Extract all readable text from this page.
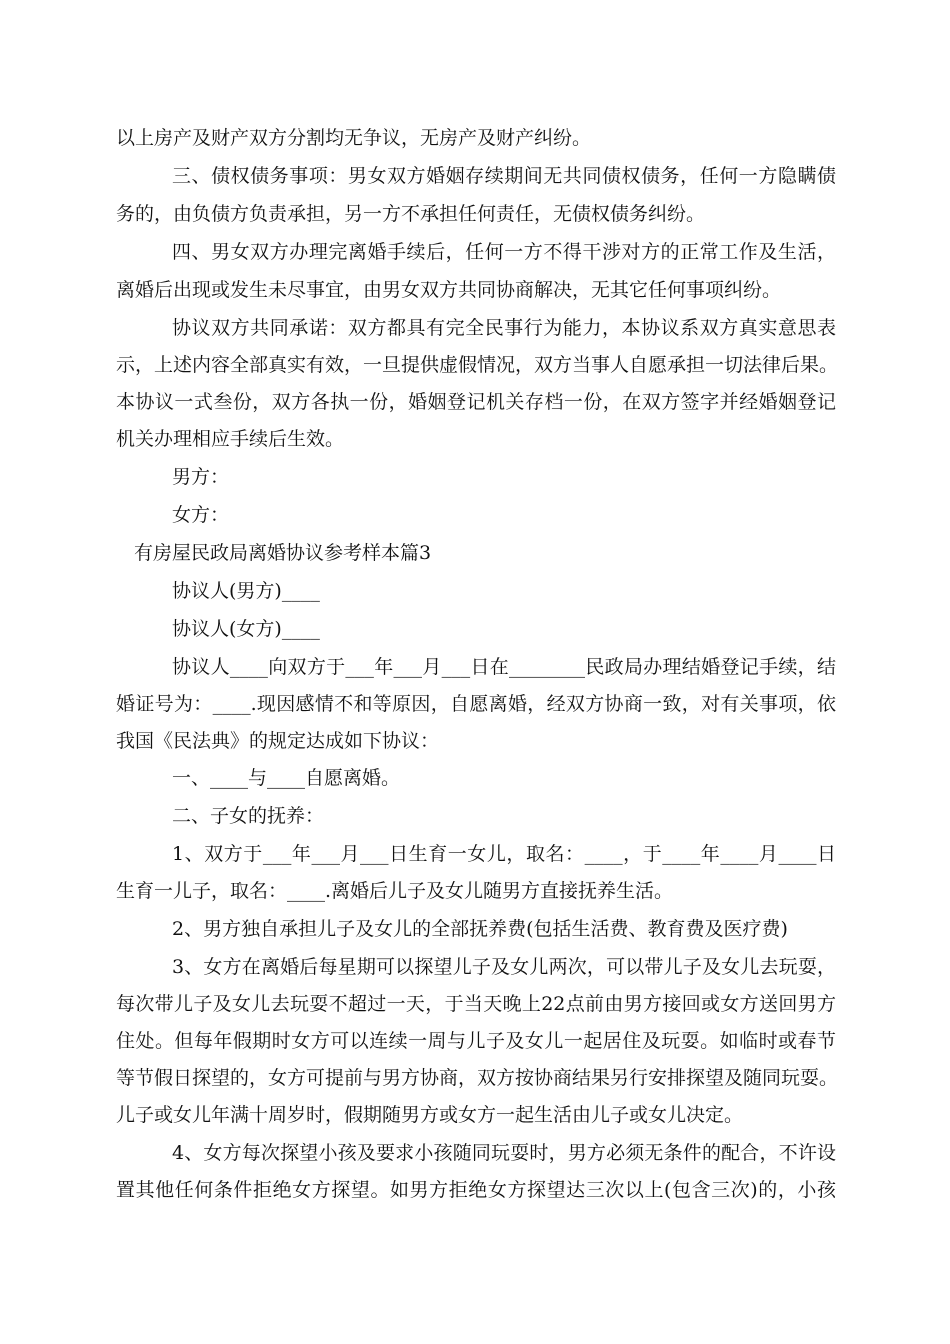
以上房产及财产双方分割均无争议，无房产及财产纠纷。
三、债权债务事项：男女双方婚姻存续期间无共同债权债务，任何一方隐瞒债
务的，由负债方负责承担，另一方不承担任何责任，无债权债务纠纷。
四、男女双方办理完离婚手续后，任何一方不得干涉对方的正常工作及生活，
离婚后出现或发生未尽事宜，由男女双方共同协商解决，无其它任何事项纠纷。
协议双方共同承诺：双方都具有完全民事行为能力，本协议系双方真实意思表
示，上述内容全部真实有效，一旦提供虚假情况，双方当事人自愿承担一切法律后果。
本协议一式叁份，双方各执一份，婚姻登记机关存档一份，在双方签字并经婚姻登记
机关办理相应手续后生效。
男方：
女方：
有房屋民政局离婚协议参考样本篇3
协议人(男方)____
协议人(女方)____
协议人____向双方于___年___月___日在________民政局办理结婚登记手续，结
婚证号为：____.现因感情不和等原因，自愿离婚，经双方协商一致，对有关事项，依
我国《民法典》的规定达成如下协议：
一、____与____自愿离婚。
二、子女的抚养：
1、双方于___年___月___日生育一女儿，取名：____，于____年____月____日
生育一儿子，取名：____.离婚后儿子及女儿随男方直接抚养生活。
2、男方独自承担儿子及女儿的全部抚养费(包括生活费、教育费及医疗费)
3、女方在离婚后每星期可以探望儿子及女儿两次，可以带儿子及女儿去玩耍，
每次带儿子及女儿去玩耍不超过一天，于当天晚上22点前由男方接回或女方送回男方
住处。但每年假期时女方可以连续一周与儿子及女儿一起居住及玩耍。如临时或春节
等节假日探望的，女方可提前与男方协商，双方按协商结果另行安排探望及随同玩耍。
儿子或女儿年满十周岁时，假期随男方或女方一起生活由儿子或女儿决定。
4、女方每次探望小孩及要求小孩随同玩耍时，男方必须无条件的配合，不许设
置其他任何条件拒绝女方探望。如男方拒绝女方探望达三次以上(包含三次)的，小孩
